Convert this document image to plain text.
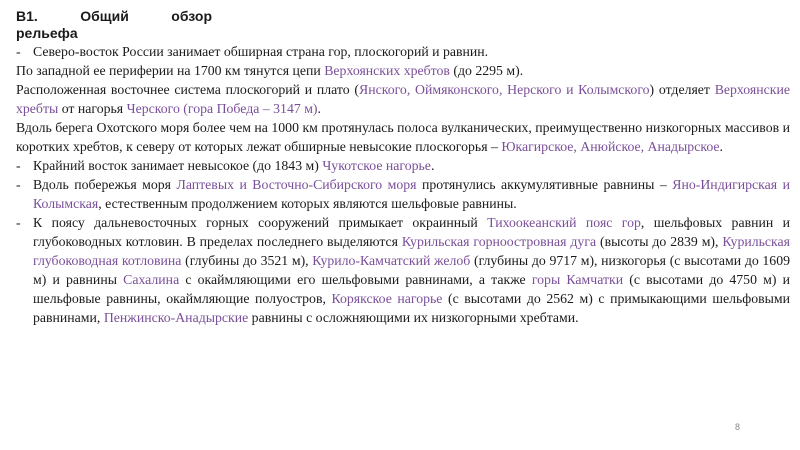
В1.	Общий	обзор
рельефа

- Северо-восток России занимает обширная страна гор, плоскогорий и равнин.

По западной ее периферии на 1700 км тянутся цепи Верхоянских хребтов (до 2295 м).

Расположенная восточнее система плоскогорий и плато (Янского, Оймяконского, Нерского и Колымского) отделяет Верхоянские хребты от нагорья Черского (гора Победа – 3147 м).

Вдоль берега Охотского моря более чем на 1000 км протянулась полоса вулканических, преимущественно низкогорных массивов и коротких хребтов, к северу от которых лежат обширные невысокие плоскогорья – Юкагирское, Анюйское, Анадырское.

- Крайний восток занимает невысокое (до 1843 м) Чукотское нагорье.

- Вдоль побережья моря Лаптевых и Восточно-Сибирского моря протянулись аккумулятивные равнины – Яно-Индигирская и Колымская, естественным продолжением которых являются шельфовые равнины.

- К поясу дальневосточных горных сооружений примыкает окраинный Тихоокеанский пояс гор, шельфовых равнин и глубоководных котловин. В пределах последнего выделяются Курильская горноостровная дуга (высоты до 2839 м), Курильская глубоководная котловина (глубины до 3521 м), Курило-Камчатский желоб (глубины до 9717 м), низкогорья (с высотами до 1609 м) и равнины Сахалина с окаймляющими его шельфовыми равнинами, а также горы Камчатки (с высотами до 4750 м) и шельфовые равнины, окаймляющие полуостров, Корякское нагорье (с высотами до 2562 м) с примыкающими шельфовыми равнинами, Пенжинско-Анадырские равнины с осложняющими их низкогорными хребтами.

8
